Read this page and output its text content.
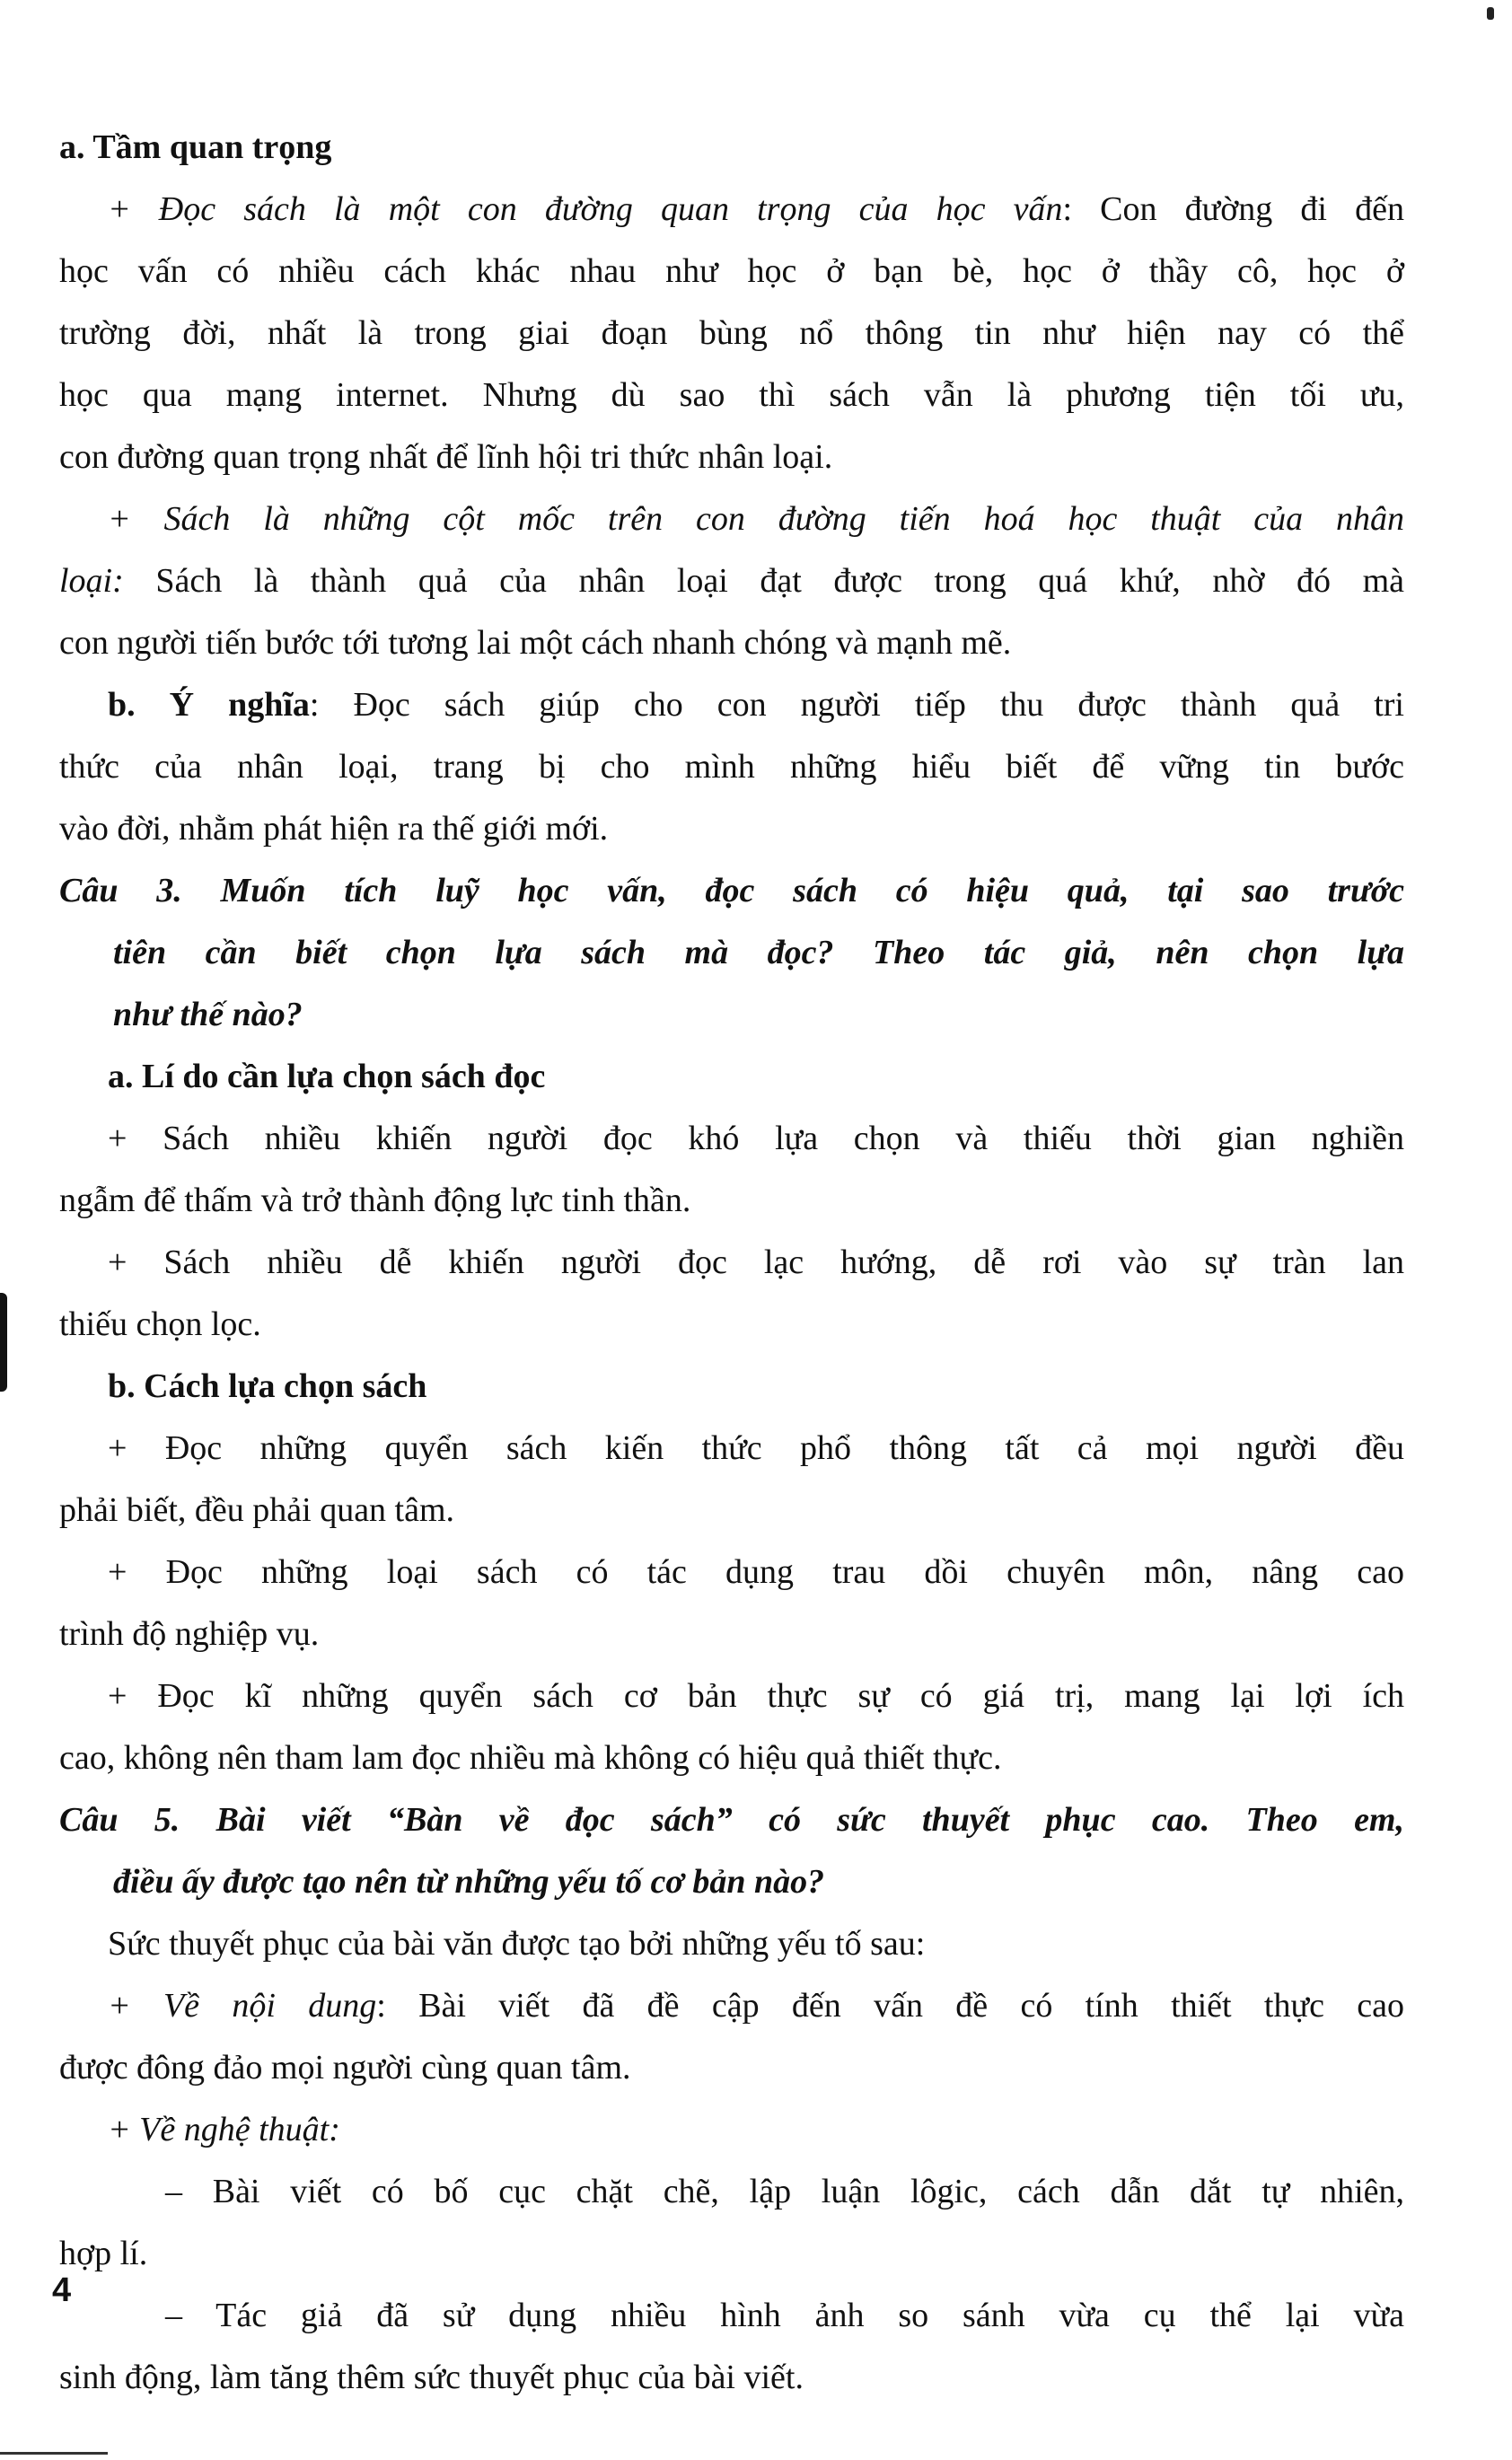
a. Tầm quan trọng

+ Đọc sách là một con đường quan trọng của học vấn: Con đường đi đến

học vấn có nhiều cách khác nhau như học ở bạn bè, học ở thầy cô, học ở

trường đời, nhất là trong giai đoạn bùng nổ thông tin như hiện nay có thể

học qua mạng internet. Nhưng dù sao thì sách vẫn là phương tiện tối ưu,

con đường quan trọng nhất để lĩnh hội tri thức nhân loại.

+ Sách là những cột mốc trên con đường tiến hoá học thuật của nhân

loại: Sách là thành quả của nhân loại đạt được trong quá khứ, nhờ đó mà

con người tiến bước tới tương lai một cách nhanh chóng và mạnh mẽ.

b. Ý nghĩa: Đọc sách giúp cho con người tiếp thu được thành quả tri

thức của nhân loại, trang bị cho mình những hiểu biết để vững tin bước

vào đời, nhằm phát hiện ra thế giới mới.

Câu 3. Muốn tích luỹ học vấn, đọc sách có hiệu quả, tại sao trước

tiên cần biết chọn lựa sách mà đọc? Theo tác giả, nên chọn lựa

như thế nào?

a. Lí do cần lựa chọn sách đọc

+ Sách nhiều khiến người đọc khó lựa chọn và thiếu thời gian nghiền

ngẫm để thấm và trở thành động lực tinh thần.

+ Sách nhiều dễ khiến người đọc lạc hướng, dễ rơi vào sự tràn lan

thiếu chọn lọc.

b. Cách lựa chọn sách

+ Đọc những quyển sách kiến thức phổ thông tất cả mọi người đều

phải biết, đều phải quan tâm.

+ Đọc những loại sách có tác dụng trau dồi chuyên môn, nâng cao

trình độ nghiệp vụ.

+ Đọc kĩ những quyển sách cơ bản thực sự có giá trị, mang lại lợi ích

cao, không nên tham lam đọc nhiều mà không có hiệu quả thiết thực.

Câu 5. Bài viết “Bàn về đọc sách” có sức thuyết phục cao. Theo em,

điều ấy được tạo nên từ những yếu tố cơ bản nào?

Sức thuyết phục của bài văn được tạo bởi những yếu tố sau:

+ Về nội dung: Bài viết đã đề cập đến vấn đề có tính thiết thực cao

được đông đảo mọi người cùng quan tâm.

+ Về nghệ thuật:

– Bài viết có bố cục chặt chẽ, lập luận lôgic, cách dẫn dắt tự nhiên,

hợp lí.

– Tác giả đã sử dụng nhiều hình ảnh so sánh vừa cụ thể lại vừa

sinh động, làm tăng thêm sức thuyết phục của bài viết.

4
